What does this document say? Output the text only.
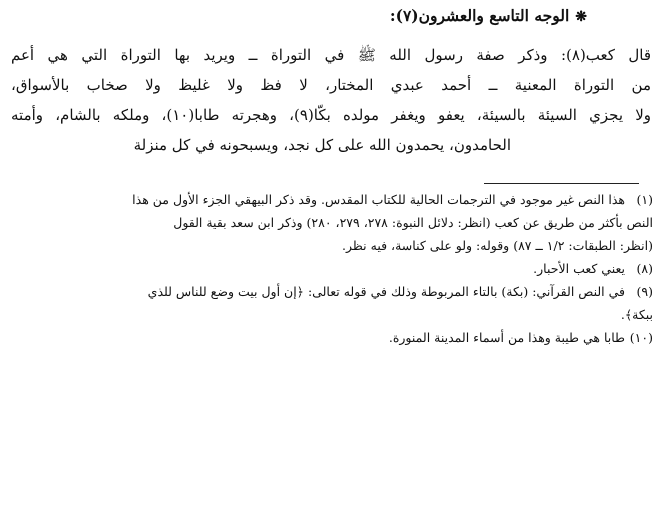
❋الوجه التاسع والعشرون(٧):
قال كعب(٨): وذكر صفة رسول الله ﷺ في التوراة ــ ويريد بها التوراة التي هي أعم
من التوراة المعنية ــ أحمد عبدي المختار، لا فظ ولا غليظ ولا صخاب بالأسواق،
ولا يجزي السيئة بالسيئة، يعفو ويغفر مولده بكّا(٩)، وهجرته طابا(١٠)، وملكه بالشام، وأمته
الحامدون، يحمدون الله على كل نجد، ويسبحونه في كل منزلة
(١)هذا النص غير موجود في الترجمات الحالية للكتاب المقدس. وقد ذكر البيهقي الجزء الأول من هذا
النص بأكثر من طريق عن كعب (انظر: دلائل النبوة: ٢٧٨، ٢٧٩، ٢٨٠) وذكر ابن سعد بقية القول
(انظر: الطبقات: ١/٢ ــ ٨٧) وقوله: ولو على كناسة، فيه نظر.
(٨)يعني كعب الأحبار.
(٩)في النص القرآني: (بكة) بالتاء المربوطة وذلك في قوله تعالى: ﴿إن أول بيت وضع للناس للذي
ببكة﴾.
(١٠)طابا هي طيبة وهذا من أسماء المدينة المنورة.
